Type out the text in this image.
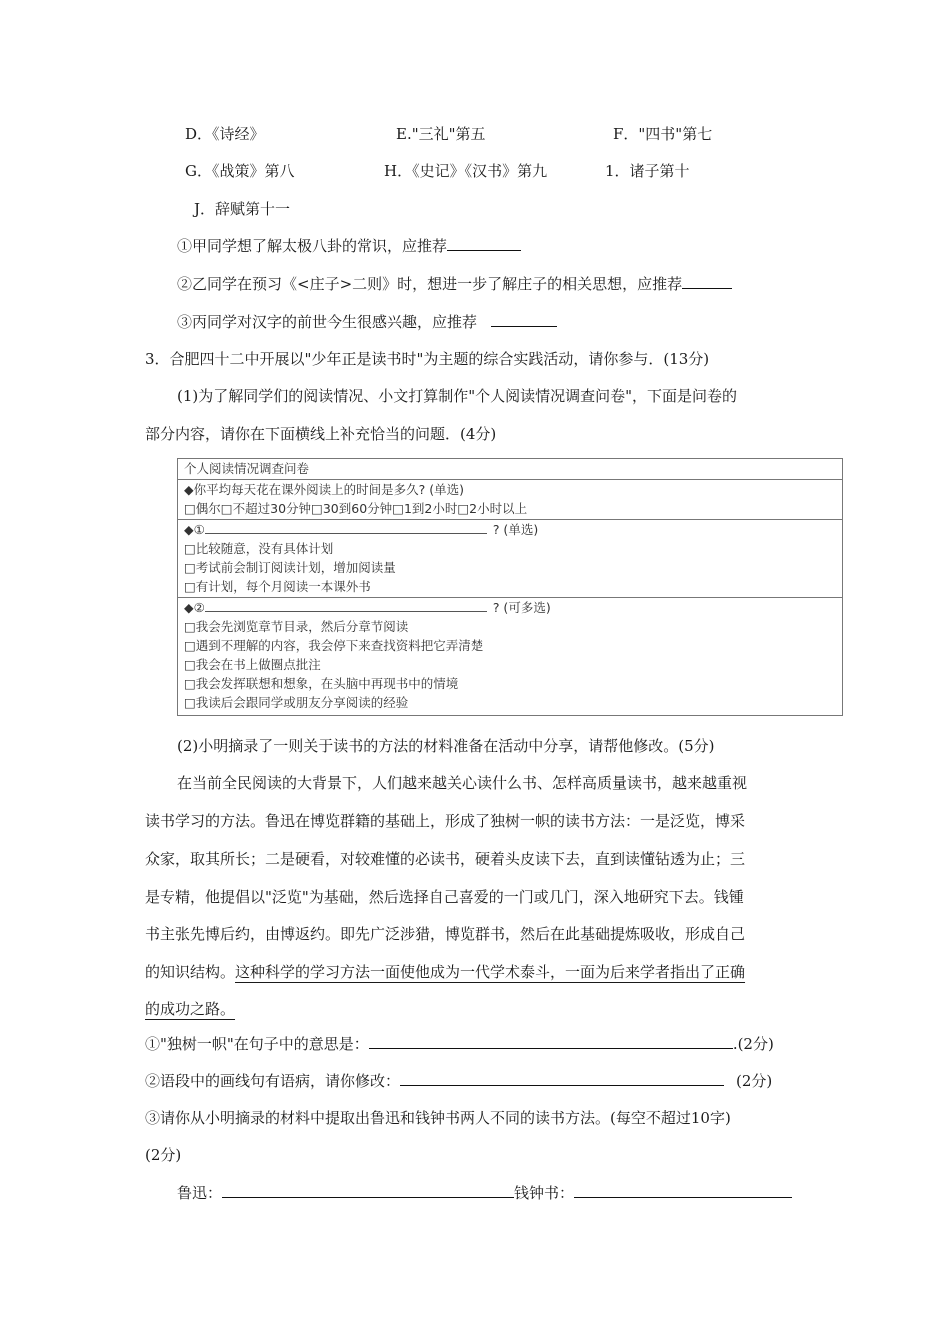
D．《诗经》	E."三礼"第五	F．"四书"第七
G．《战策》第八	H．《史记》《汉书》第九	1．诸子第十
J．辞赋第十一
①甲同学想了解太极八卦的常识，应推荐
②乙同学在预习《<庄子>二则》时，想进一步了解庄子的相关思想，应推荐
③丙同学对汉字的前世今生很感兴趣，应推荐
3．合肥四十二中开展以"少年正是读书时"为主题的综合实践活动，请你参与．(13分)
(1)为了解同学们的阅读情况、小文打算制作"个人阅读情况调查问卷"，下面是问卷的
部分内容，请你在下面横线上补充恰当的问题．(4分)
个人阅读情况调查问卷
◆你平均每天花在课外阅读上的时间是多久? (单选)
□偶尔□不超过30分钟□30到60分钟□1到2小时□2小时以上
◆①	? (单选)
□比较随意，没有具体计划
□考试前会制订阅读计划，增加阅读量
□有计划，每个月阅读一本课外书
◆②	? (可多选)
□我会先浏览章节目录，然后分章节阅读
□遇到不理解的内容，我会停下来查找资料把它弄清楚
□我会在书上做圈点批注
□我会发挥联想和想象，在头脑中再现书中的情境
□我读后会跟同学或朋友分享阅读的经验
(2)小明摘录了一则关于读书的方法的材料准备在活动中分享，请帮他修改。(5分)
在当前全民阅读的大背景下，人们越来越关心读什么书、怎样高质量读书，越来越重视
读书学习的方法。鲁迅在博览群籍的基础上，形成了独树一帜的读书方法：一是泛览，博采
众家，取其所长；二是硬看，对较难懂的必读书，硬着头皮读下去，直到读懂钻透为止；三
是专精，他提倡以"泛览"为基础，然后选择自己喜爱的一门或几门，深入地研究下去。钱锺
书主张先博后约，由博返约。即先广泛涉猎，博览群书，然后在此基础提炼吸收，形成自己
的知识结构。这种科学的学习方法一面使他成为一代学术泰斗，一面为后来学者指出了正确
的成功之路。
①"独树一帜"在句子中的意思是：	.(2分)
②语段中的画线句有语病，请你修改：	(2分)
③请你从小明摘录的材料中提取出鲁迅和钱钟书两人不同的读书方法。(每空不超过10字)
(2分)
鲁迅：	钱钟书：
